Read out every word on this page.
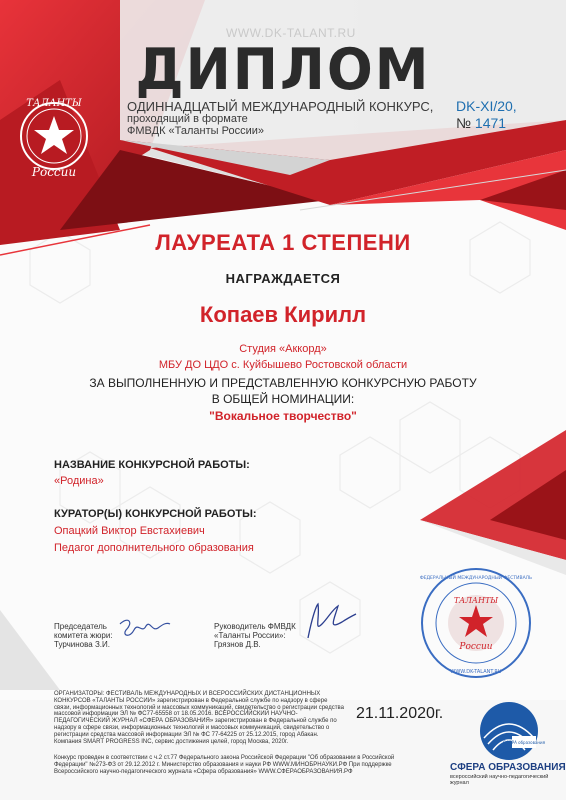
ТАЛАНТЫ
России
WWW.DK-TALANT.RU
ДИПЛОМ
ОДИННАДЦАТЫЙ МЕЖДУНАРОДНЫЙ КОНКУРС,
проходящий в формате
ФМВДК «Таланты России»
DK-XI/20,
№ 1471
ЛАУРЕАТА 1 СТЕПЕНИ
НАГРАЖДАЕТСЯ
Копаев Кирилл
Студия «Аккорд»
МБУ ДО ЦДО с. Куйбышево Ростовской области
ЗА ВЫПОЛНЕННУЮ И ПРЕДСТАВЛЕННУЮ КОНКУРСНУЮ РАБОТУ
В ОБЩЕЙ НОМИНАЦИИ:
"Вокальное творчество"
НАЗВАНИЕ КОНКУРСНОЙ РАБОТЫ:
«Родина»
КУРАТОР(Ы) КОНКУРСНОЙ РАБОТЫ:
Опацкий Виктор Евстахиевич
Педагог дополнительного образования
Председатель
комитета жюри:
Турчинова З.И.
Руководитель ФМВДК
«Таланты России»:
Грязнов Д.В.
ТАЛАНТЫ
России
ФЕДЕРАЛЬНЫЙ МЕЖДУНАРОДНЫЙ ФЕСТИВАЛЬ
WWW.DK-TALANT.RU
ОРГАНИЗАТОРЫ: ФЕСТИВАЛЬ МЕЖДУНАРОДНЫХ И ВСЕРОССИЙСКИХ ДИСТАНЦИОННЫХ КОНКУРСОВ «ТАЛАНТЫ РОССИИ» зарегистрирован в Федеральной службе по надзору в сфере связи, информационных технологий и массовых коммуникаций, свидетельство о регистрации средства массовой информации ЭЛ № ФС77-65558 от 18.05.2016. ВСЕРОССИЙСКИЙ НАУЧНО-ПЕДАГОГИЧЕСКИЙ ЖУРНАЛ «СФЕРА ОБРАЗОВАНИЯ» зарегистрирован в Федеральной службе по надзору в сфере связи, информационных технологий и массовых коммуникаций, свидетельство о регистрации средства массовой информации ЭЛ № ФС 77-64225 от 25.12.2015, город Абакан. Компания SMART PROGRESS INC, сервис достижения целей, город Москва, 2020г.
21.11.2020г.
Конкурс проведен в соответствии с ч.2 ст.77 Федерального закона Российской Федерации "Об образовании в Российской Федерации" №273-ФЗ от 29.12.2012 г. Министерство образования и науки РФ WWW.МИНОБРНАУКИ.РФ При поддержке Всероссийского научно-педагогического журнала «Сфера образования» WWW.СФЕРАОБРАЗОВАНИЯ.РФ
СФЕРА образования
СФЕРА ОБРАЗОВАНИЯ
всероссийский научно-педагогический журнал
